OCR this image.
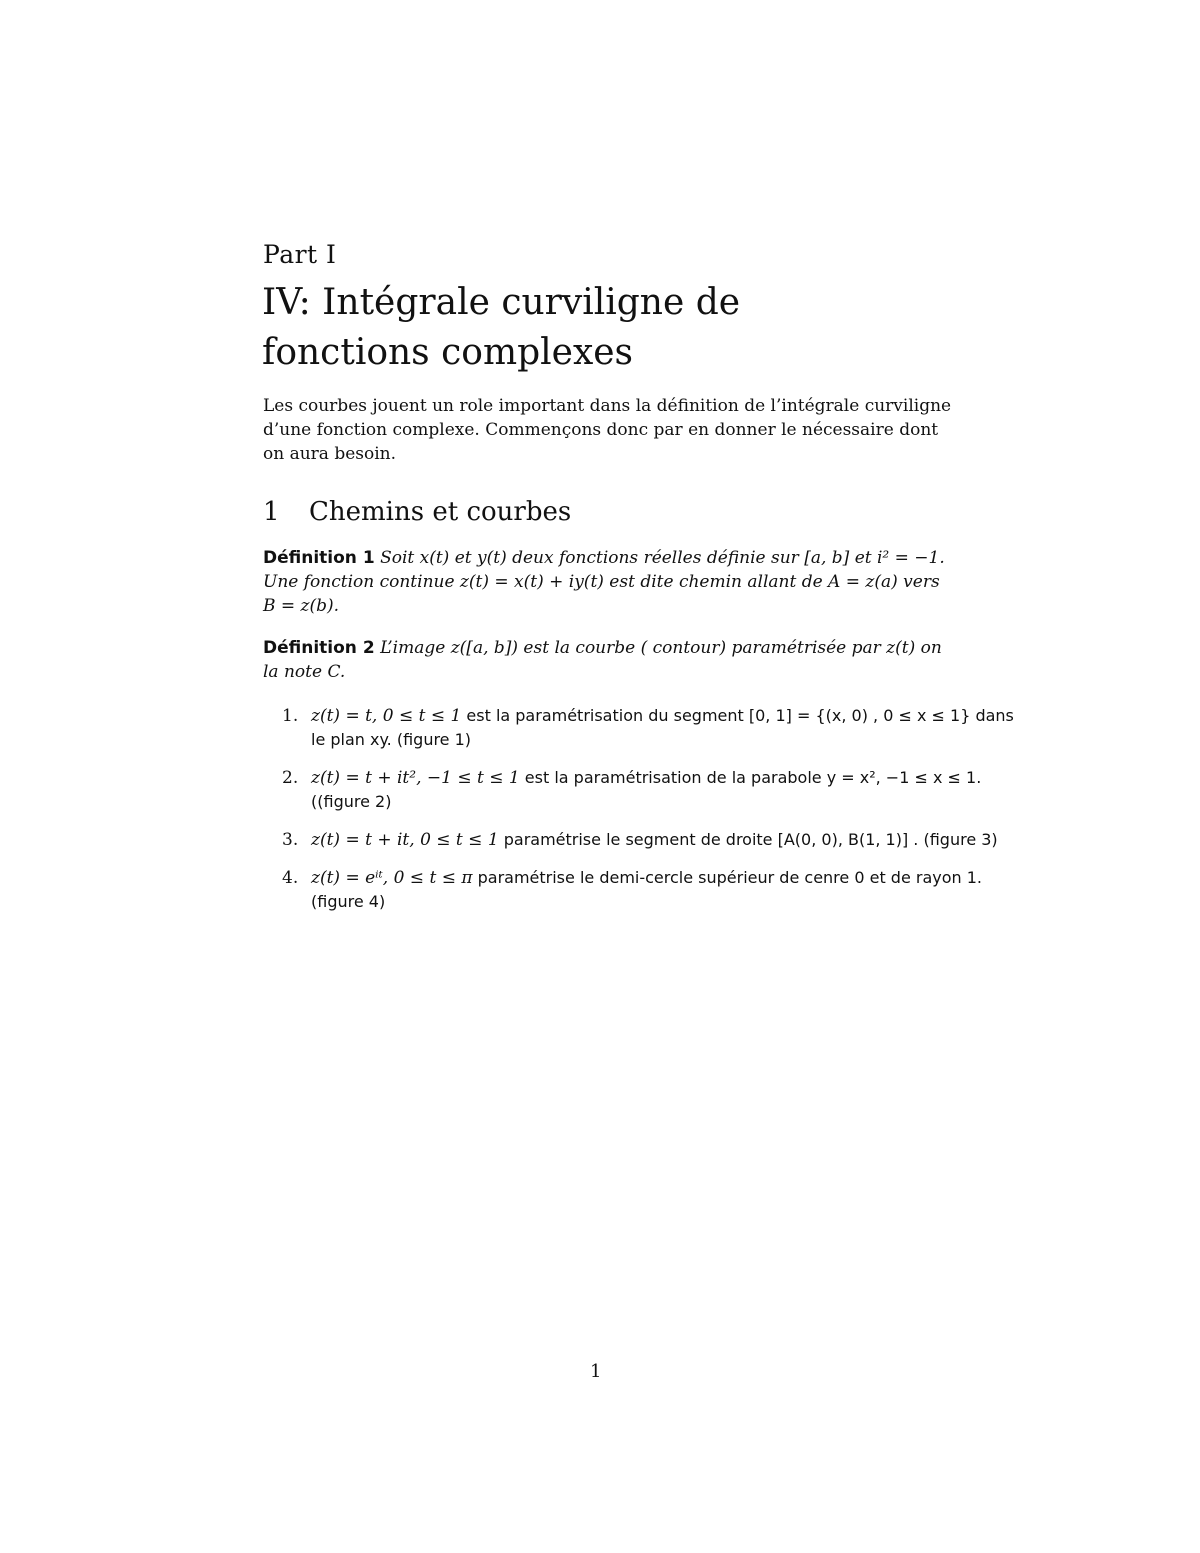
Part I
IV: Intégrale curviligne de
fonctions complexes
Les courbes jouent un role important dans la définition de l’intégrale curviligne d’une fonction complexe. Commençons donc par en donner le nécessaire dont on aura besoin.
1 Chemins et courbes
Définition 1 Soit x(t) et y(t) deux fonctions réelles définie sur [a, b] et i² = −1. Une fonction continue z(t) = x(t) + iy(t) est dite chemin allant de A = z(a) vers B = z(b).
Définition 2 L’image z([a, b]) est la courbe ( contour) paramétrisée par z(t) on la note C.
1. z(t) = t, 0 ≤ t ≤ 1 est la paramétrisation du segment [0, 1] = {(x, 0) , 0 ≤ x ≤ 1} dans le plan xy. (figure 1)
2. z(t) = t + it², −1 ≤ t ≤ 1 est la paramétrisation de la parabole y = x², −1 ≤ x ≤ 1. ((figure 2)
3. z(t) = t + it, 0 ≤ t ≤ 1 paramétrise le segment de droite [A(0, 0), B(1, 1)] . (figure 3)
4. z(t) = eⁱᵗ, 0 ≤ t ≤ π paramétrise le demi-cercle supérieur de cenre 0 et de rayon 1. (figure 4)
1
